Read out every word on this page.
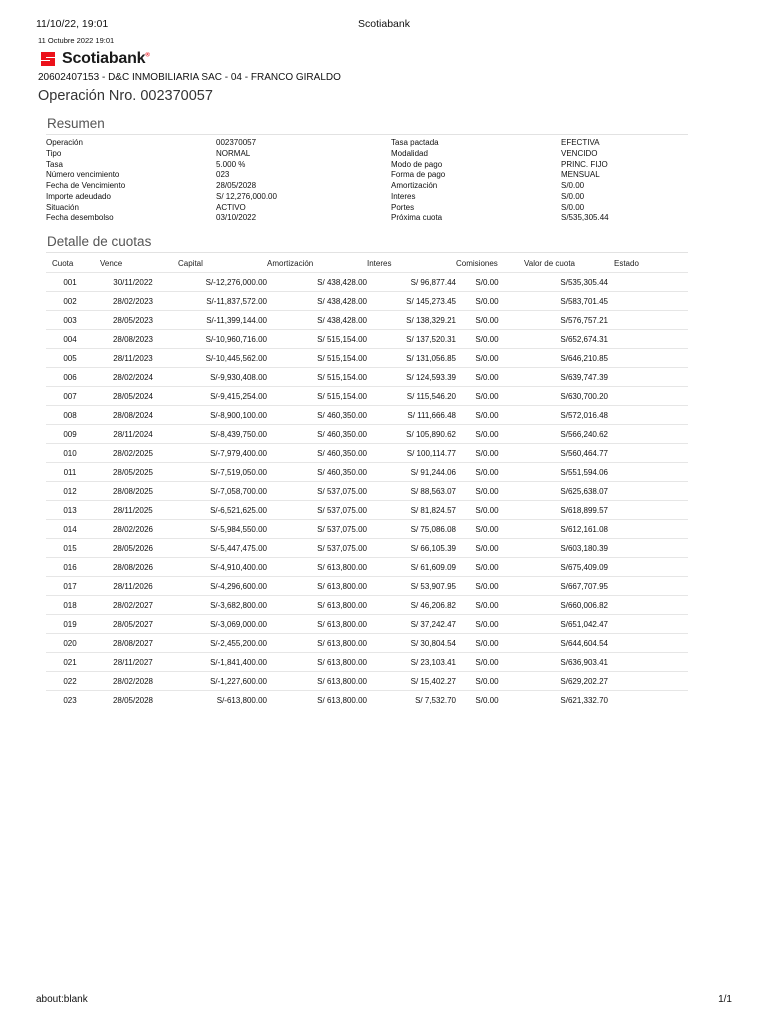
11/10/22, 19:01	Scotiabank
11 Octubre 2022 19:01
Scotiabank®
20602407153 - D&C INMOBILIARIA SAC - 04 - FRANCO GIRALDO
Operación Nro. 002370057
Resumen
Operación	002370057	Tasa pactada	EFECTIVA
Tipo	NORMAL	Modalidad	VENCIDO
Tasa	5.000 %	Modo de pago	PRINC. FIJO
Número vencimiento	023	Forma de pago	MENSUAL
Fecha de Vencimiento	28/05/2028	Amortización	S/0.00
Importe adeudado	S/ 12,276,000.00	Interes	S/0.00
Situación	ACTIVO	Portes	S/0.00
Fecha desembolso	03/10/2022	Próxima cuota	S/535,305.44
Detalle de cuotas
Cuota	Vence	Capital	Amortización	Interes	Comisiones	Valor de cuota	Estado
001	30/11/2022	S/-12,276,000.00	S/ 438,428.00	S/ 96,877.44	S/0.00	S/535,305.44	
002	28/02/2023	S/-11,837,572.00	S/ 438,428.00	S/ 145,273.45	S/0.00	S/583,701.45	
003	28/05/2023	S/-11,399,144.00	S/ 438,428.00	S/ 138,329.21	S/0.00	S/576,757.21	
004	28/08/2023	S/-10,960,716.00	S/ 515,154.00	S/ 137,520.31	S/0.00	S/652,674.31	
005	28/11/2023	S/-10,445,562.00	S/ 515,154.00	S/ 131,056.85	S/0.00	S/646,210.85	
006	28/02/2024	S/-9,930,408.00	S/ 515,154.00	S/ 124,593.39	S/0.00	S/639,747.39	
007	28/05/2024	S/-9,415,254.00	S/ 515,154.00	S/ 115,546.20	S/0.00	S/630,700.20	
008	28/08/2024	S/-8,900,100.00	S/ 460,350.00	S/ 111,666.48	S/0.00	S/572,016.48	
009	28/11/2024	S/-8,439,750.00	S/ 460,350.00	S/ 105,890.62	S/0.00	S/566,240.62	
010	28/02/2025	S/-7,979,400.00	S/ 460,350.00	S/ 100,114.77	S/0.00	S/560,464.77	
011	28/05/2025	S/-7,519,050.00	S/ 460,350.00	S/ 91,244.06	S/0.00	S/551,594.06	
012	28/08/2025	S/-7,058,700.00	S/ 537,075.00	S/ 88,563.07	S/0.00	S/625,638.07	
013	28/11/2025	S/-6,521,625.00	S/ 537,075.00	S/ 81,824.57	S/0.00	S/618,899.57	
014	28/02/2026	S/-5,984,550.00	S/ 537,075.00	S/ 75,086.08	S/0.00	S/612,161.08	
015	28/05/2026	S/-5,447,475.00	S/ 537,075.00	S/ 66,105.39	S/0.00	S/603,180.39	
016	28/08/2026	S/-4,910,400.00	S/ 613,800.00	S/ 61,609.09	S/0.00	S/675,409.09	
017	28/11/2026	S/-4,296,600.00	S/ 613,800.00	S/ 53,907.95	S/0.00	S/667,707.95	
018	28/02/2027	S/-3,682,800.00	S/ 613,800.00	S/ 46,206.82	S/0.00	S/660,006.82	
019	28/05/2027	S/-3,069,000.00	S/ 613,800.00	S/ 37,242.47	S/0.00	S/651,042.47	
020	28/08/2027	S/-2,455,200.00	S/ 613,800.00	S/ 30,804.54	S/0.00	S/644,604.54	
021	28/11/2027	S/-1,841,400.00	S/ 613,800.00	S/ 23,103.41	S/0.00	S/636,903.41	
022	28/02/2028	S/-1,227,600.00	S/ 613,800.00	S/ 15,402.27	S/0.00	S/629,202.27	
023	28/05/2028	S/-613,800.00	S/ 613,800.00	S/ 7,532.70	S/0.00	S/621,332.70	
about:blank	1/1
